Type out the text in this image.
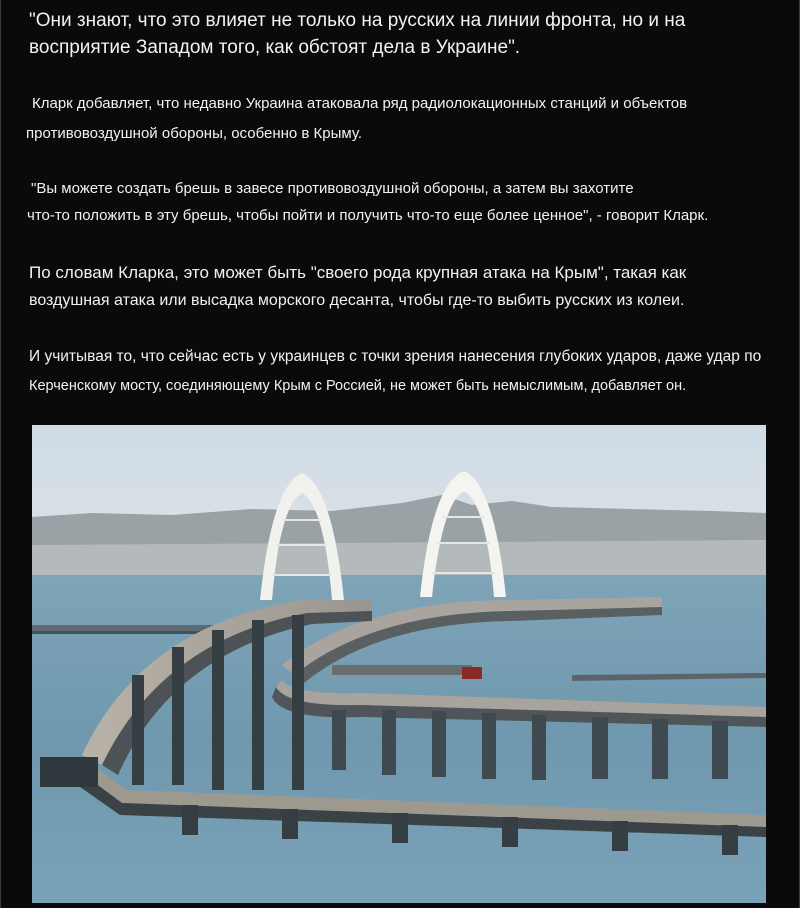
"Они знают, что это влияет не только на русских на линии фронта, но и на
восприятие Западом того, как обстоят дела в Украине".
Кларк добавляет, что недавно Украина атаковала ряд радиолокационных станций и объектов
противовоздушной обороны, особенно в Крыму.
"Вы можете создать брешь в завесе противовоздушной обороны, а затем вы захотите
что-то положить в эту брешь, чтобы пойти и получить что-то еще более ценное", - говорит Кларк.
По словам Кларка, это может быть "своего рода крупная атака на Крым", такая как
воздушная атака или высадка морского десанта, чтобы где-то выбить русских из колеи.
И учитывая то, что сейчас есть у украинцев с точки зрения нанесения глубоких ударов, даже удар по
Керченскому мосту, соединяющему Крым с Россией, не может быть немыслимым, добавляет он.
